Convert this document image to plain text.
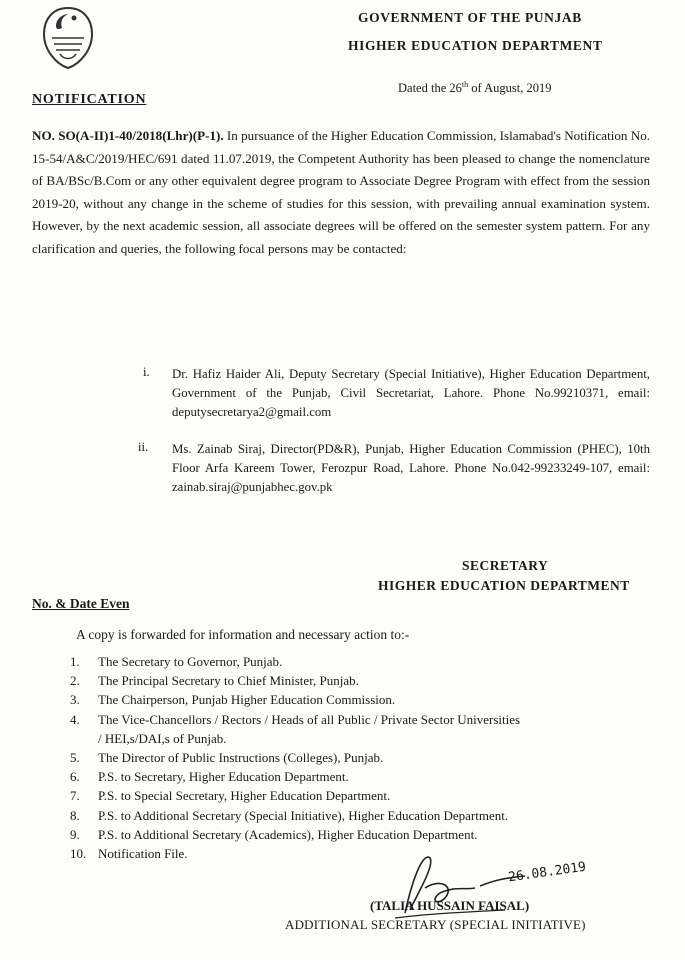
GOVERNMENT OF THE PUNJAB
HIGHER EDUCATION DEPARTMENT
Dated the 26th of August, 2019
NOTIFICATION
NO. SO(A-II)1-40/2018(Lhr)(P-1). In pursuance of the Higher Education Commission, Islamabad's Notification No. 15-54/A&C/2019/HEC/691 dated 11.07.2019, the Competent Authority has been pleased to change the nomenclature of BA/BSc/B.Com or any other equivalent degree program to Associate Degree Program with effect from the session 2019-20, without any change in the scheme of studies for this session, with prevailing annual examination system. However, by the next academic session, all associate degrees will be offered on the semester system pattern. For any clarification and queries, the following focal persons may be contacted:
i. Dr. Hafiz Haider Ali, Deputy Secretary (Special Initiative), Higher Education Department, Government of the Punjab, Civil Secretariat, Lahore. Phone No.99210371, email: deputysecretarya2@gmail.com
ii. Ms. Zainab Siraj, Director(PD&R), Punjab, Higher Education Commission (PHEC), 10th Floor Arfa Kareem Tower, Ferozpur Road, Lahore. Phone No.042-99233249-107, email: zainab.siraj@punjabhec.gov.pk
SECRETARY
HIGHER EDUCATION DEPARTMENT
No. & Date Even
A copy is forwarded for information and necessary action to:-
1. The Secretary to Governor, Punjab.
2. The Principal Secretary to Chief Minister, Punjab.
3. The Chairperson, Punjab Higher Education Commission.
4. The Vice-Chancellors / Rectors / Heads of all Public / Private Sector Universities
/ HEI,s/DAI,s of Punjab.
5. The Director of Public Instructions (Colleges), Punjab.
6. P.S. to Secretary, Higher Education Department.
7. P.S. to Special Secretary, Higher Education Department.
8. P.S. to Additional Secretary (Special Initiative), Higher Education Department.
9. P.S. to Additional Secretary (Academics), Higher Education Department.
10. Notification File.
26.08.2019
(TALIA HUSSAIN FAISAL)
ADDITIONAL SECRETARY (SPECIAL INITIATIVE)
